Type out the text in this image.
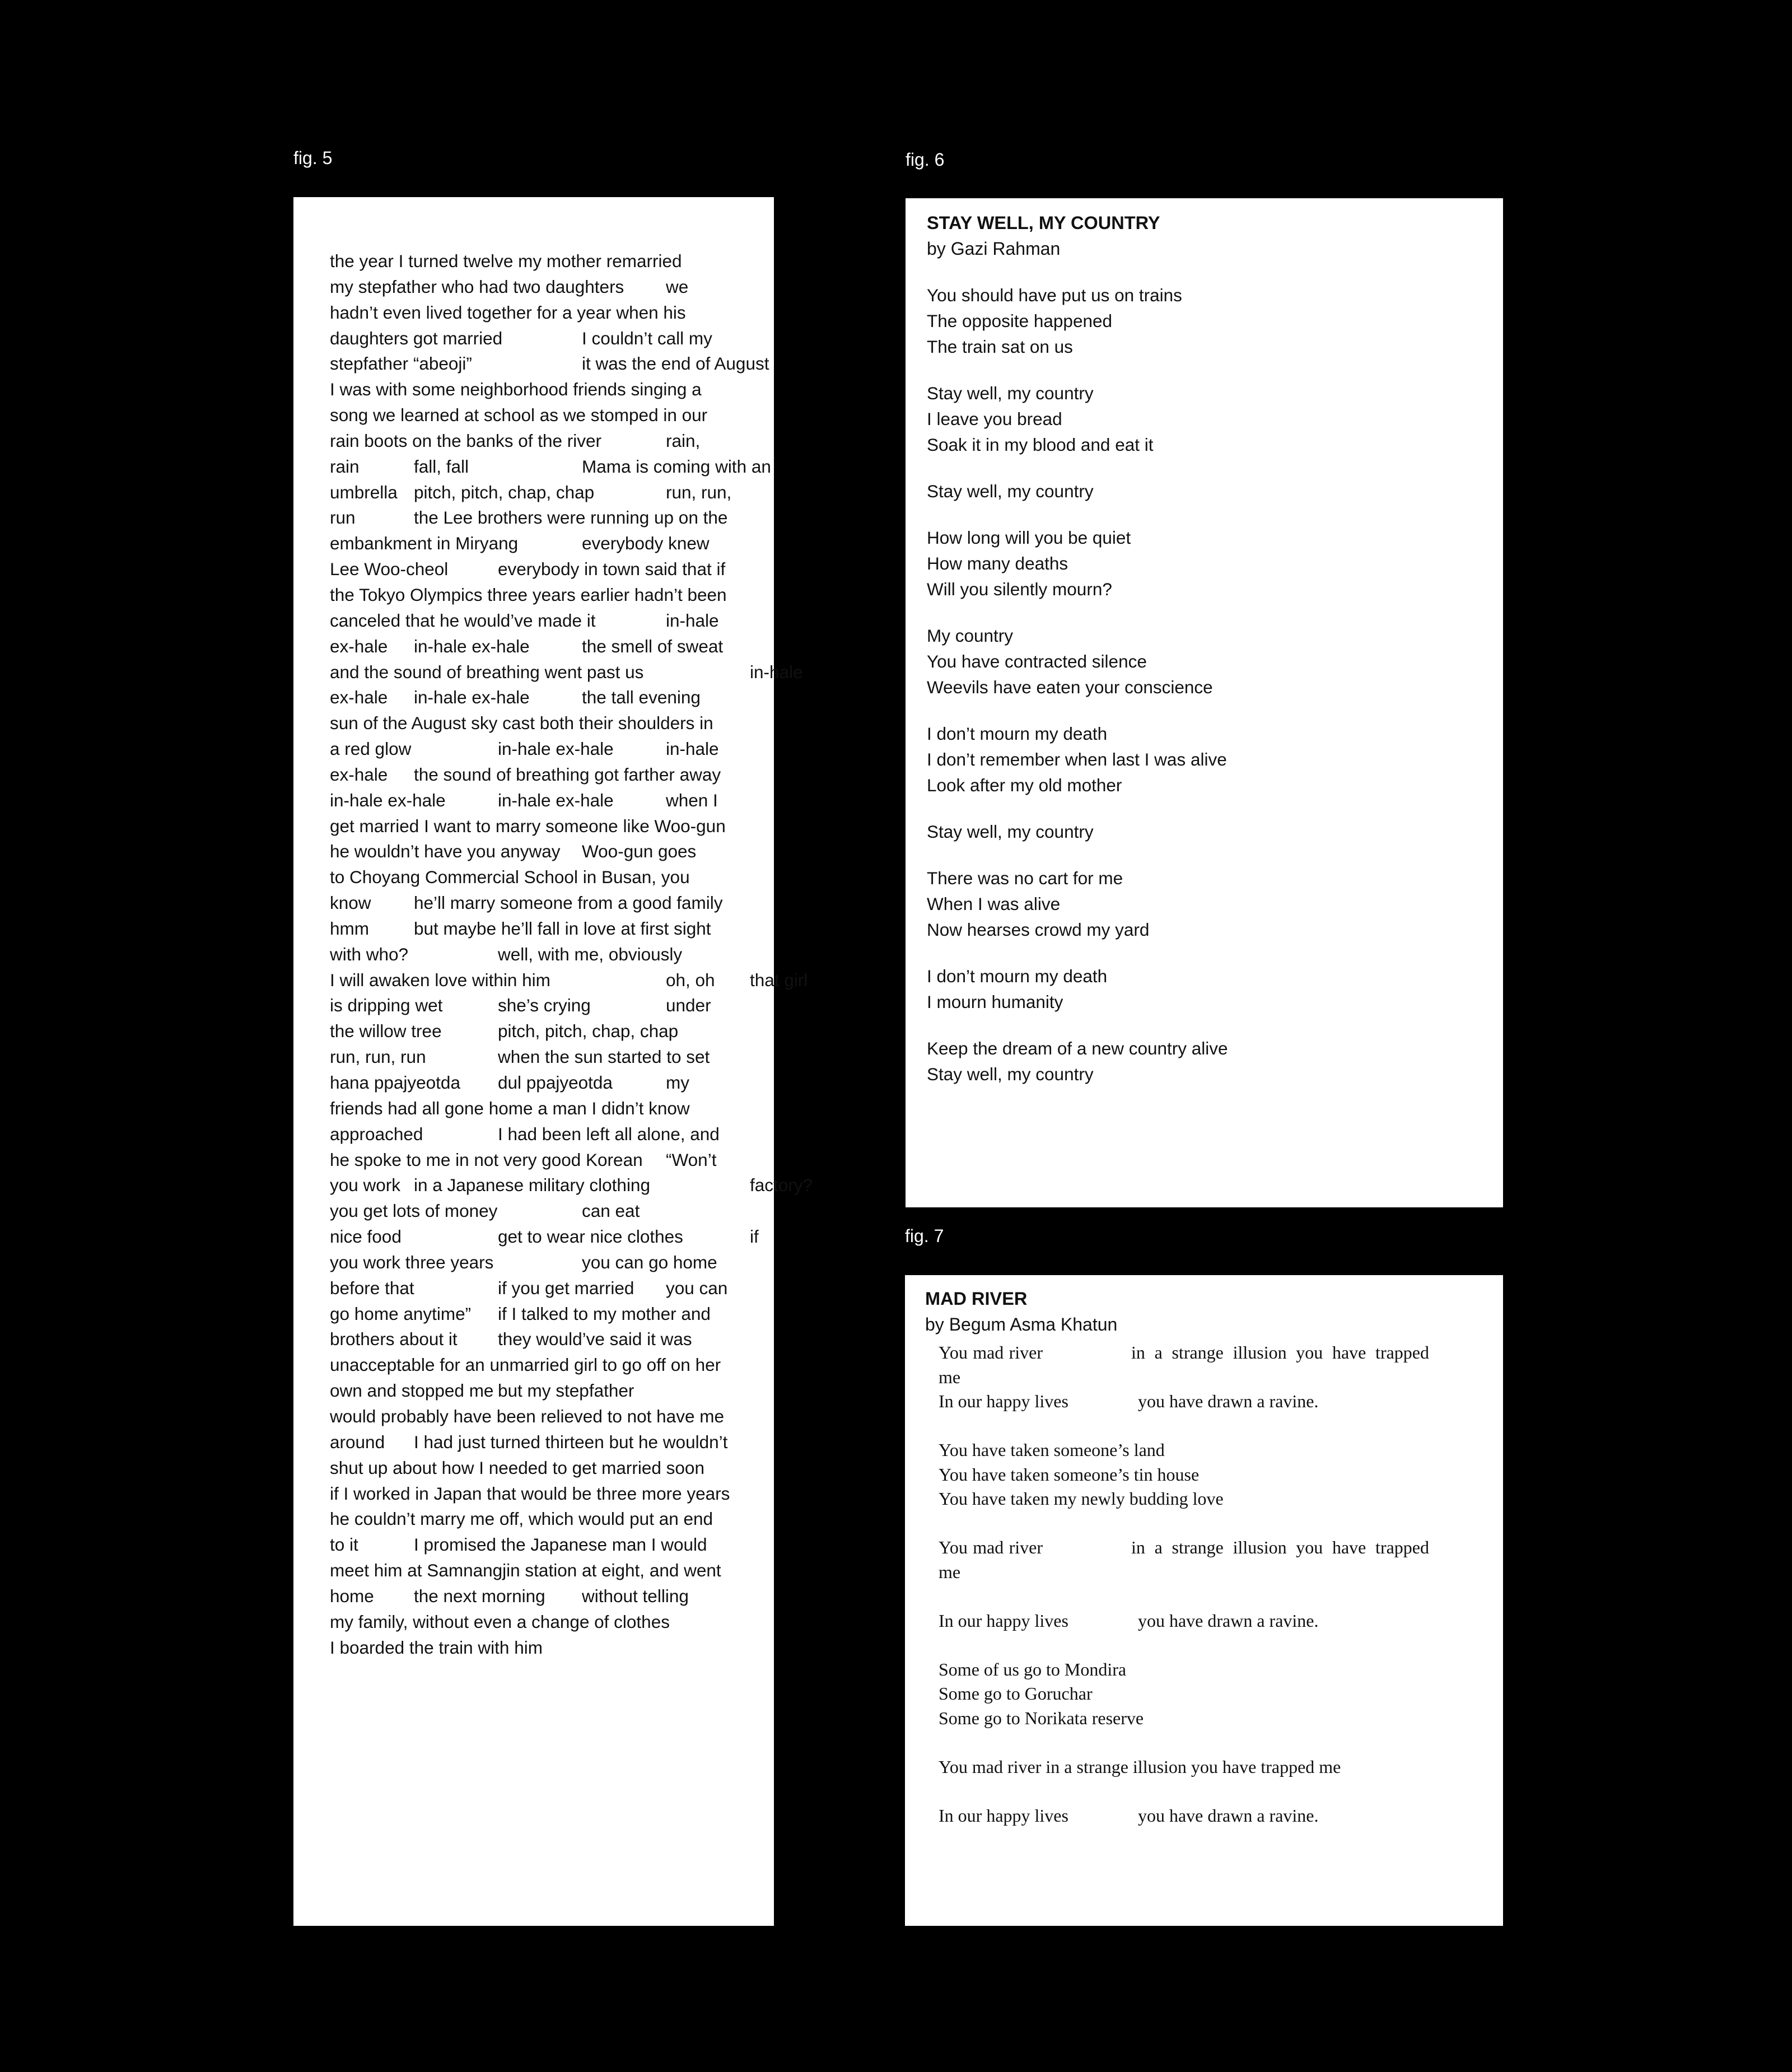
fig. 5
the year I turned twelve my mother remarried
my stepfather who had two daughters we
hadn’t even lived together for a year when his
daughters got married	I couldn’t call my
stepfather “abeoji”	it was the end of August
I was with some neighborhood friends singing a
song we learned at school as we stomped in our
rain boots on the banks of the river	rain,
rain	fall, fall	Mama is coming with an
umbrella pitch, pitch, chap, chap	run, run,
run	the Lee brothers were running up on the
embankment in Miryang	everybody knew
Lee Woo-cheol	everybody in town said that if
the Tokyo Olympics three years earlier hadn’t been
canceled that he would’ve made it	in-hale
ex-hale in-hale ex-hale	the smell of sweat
and the sound of breathing went past us	in-hale
ex-hale in-hale ex-hale	the tall evening
sun of the August sky cast both their shoulders in
a red glow	in-hale ex-hale	in-hale
ex-hale the sound of breathing got farther away
in-hale ex-hale	in-hale ex-hale	when I
get married I want to marry someone like Woo-gun
he wouldn’t have you anyway Woo-gun goes
to Choyang Commercial School in Busan, you
know he’ll marry someone from a good family
hmm	but maybe he’ll fall in love at first sight
with who?	well, with me, obviously
I will awaken love within him	oh, oh that girl
is dripping wet	she’s crying	under
the willow tree	pitch, pitch, chap, chap
run, run, run	when the sun started to set
hana ppajyeotda dul ppajyeotda	my
friends had all gone home a man I didn’t know
approached	I had been left all alone, and
he spoke to me in not very good Korean “Won’t
you work in a Japanese military clothing	factory?
you get lots of money	can eat
nice food	get to wear nice clothes	if
you work three years	you can go home
before that	if you get married you can
go home anytime” if I talked to my mother and
brothers about it they would’ve said it was
unacceptable for an unmarried girl to go off on her
own and stopped me but my stepfather
would probably have been relieved to not have me
around I had just turned thirteen but he wouldn’t
shut up about how I needed to get married soon
if I worked in Japan that would be three more years
he couldn’t marry me off, which would put an end
to it	I promised the Japanese man I would
meet him at Samnangjin station at eight, and went
home the next morning without telling
my family, without even a change of clothes
I boarded the train with him
fig. 6
STAY WELL, MY COUNTRY
by Gazi Rahman
You should have put us on trains
The opposite happened
The train sat on us
Stay well, my country
I leave you bread
Soak it in my blood and eat it
Stay well, my country
How long will you be quiet
How many deaths
Will you silently mourn?
My country
You have contracted silence
Weevils have eaten your conscience
I don’t mourn my death
I don’t remember when last I was alive
Look after my old mother
Stay well, my country
There was no cart for me
When I was alive
Now hearses crowd my yard
I don’t mourn my death
I mourn humanity
Keep the dream of a new country alive
Stay well, my country
fig. 7
MAD RIVER
by Begum Asma Khatun
You mad river	in a strange illusion you have trapped
me
In our happy lives	you have drawn a ravine.
You have taken someone’s land
You have taken someone’s tin house
You have taken my newly budding love
You mad river	in a strange illusion you have trapped
me
In our happy lives	you have drawn a ravine.
Some of us go to Mondira
Some go to Goruchar
Some go to Norikata reserve
You mad river in a strange illusion you have trapped me
In our happy lives	you have drawn a ravine.
